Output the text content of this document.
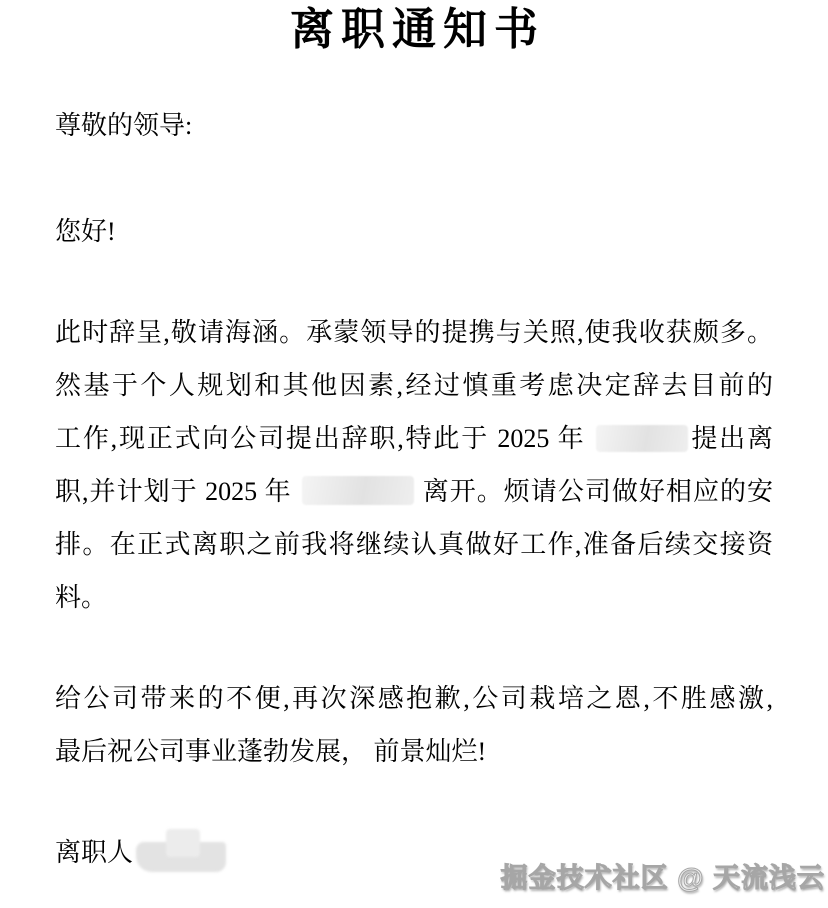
离职通知书
尊敬的领导:
您好!
此时辞呈,敬请海涵。承蒙领导的提携与关照,使我收获颇多。
然基于个人规划和其他因素,经过慎重考虑决定辞去目前的
工作,现正式向公司提出辞职,特此于 2025 年	提出离
职,并计划于 2025 年	离开。烦请公司做好相应的安
排。在正式离职之前我将继续认真做好工作,准备后续交接资
料。
给公司带来的不便,再次深感抱歉,公司栽培之恩,不胜感激,
最后祝公司事业蓬勃发展， 前景灿烂!
离职人
掘金技术社区 @ 天流浅云
